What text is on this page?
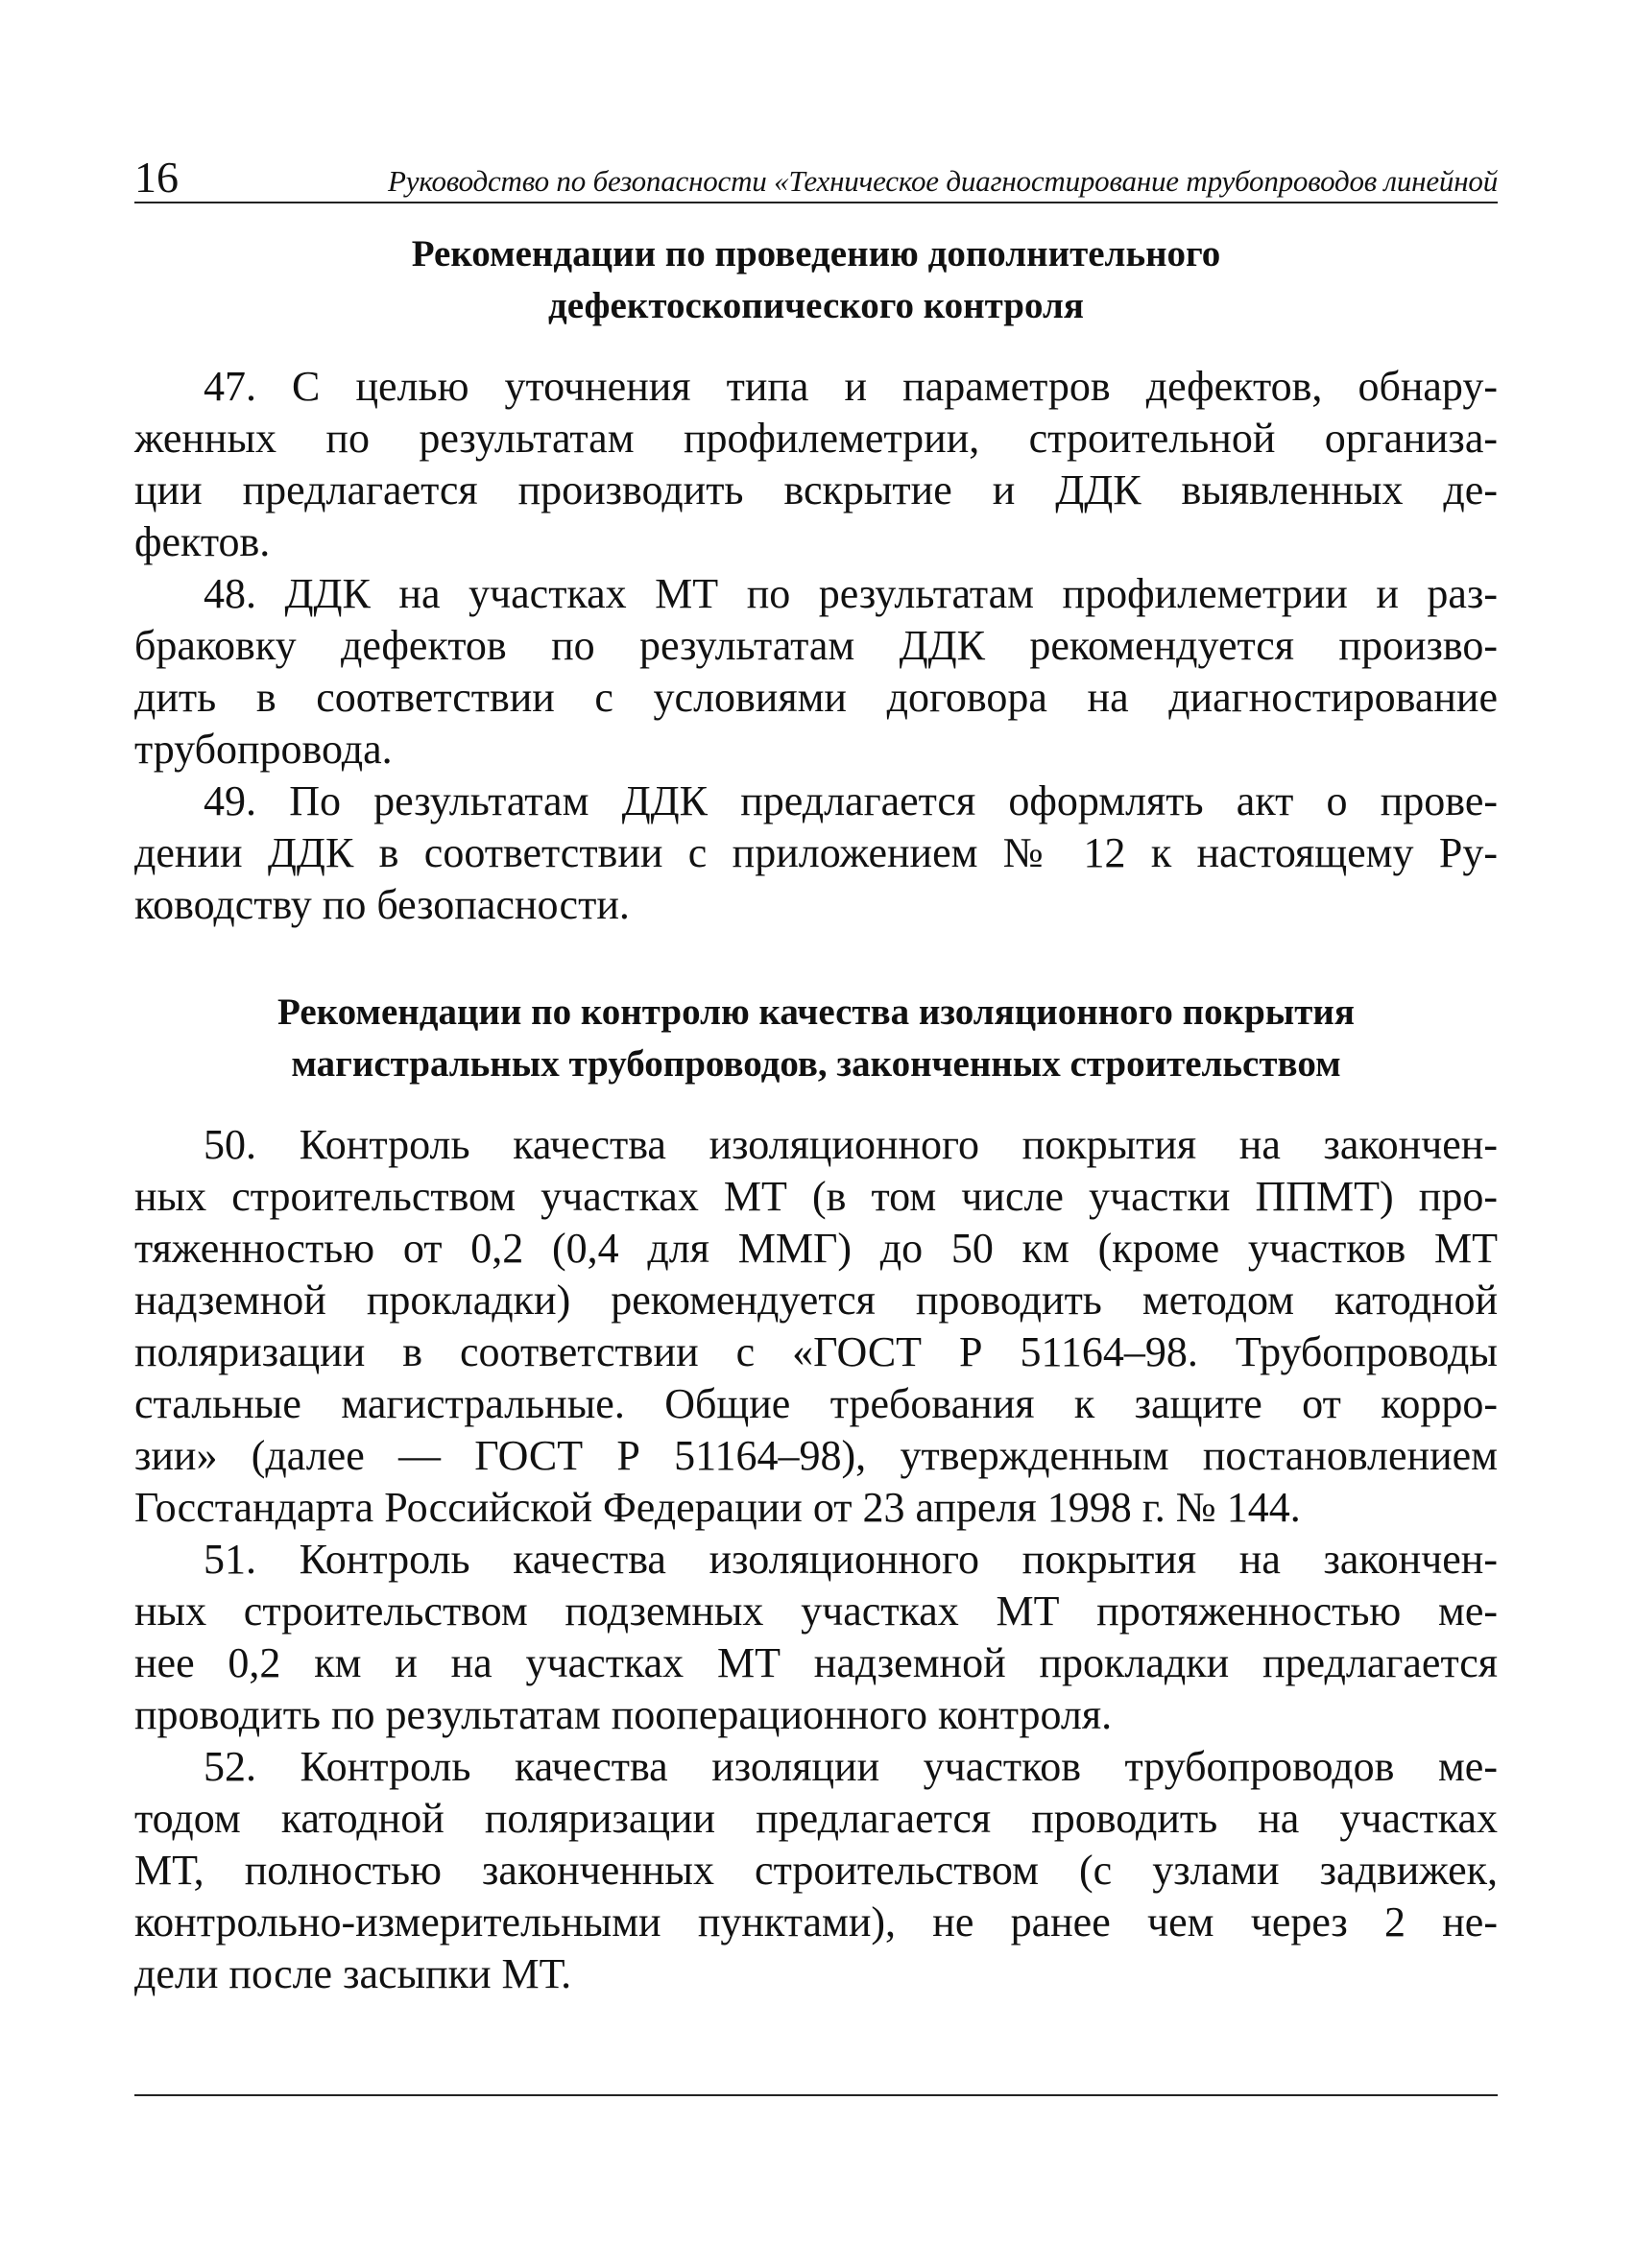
16	Руководство по безопасности «Техническое диагностирование трубопроводов линейной
Рекомендации по проведению дополнительного
дефектоскопического контроля
47. С целью уточнения типа и параметров дефектов, обнару-
женных по результатам профилеметрии, строительной организа-
ции предлагается производить вскрытие и ДДК выявленных де-
фектов.
48. ДДК на участках МТ по результатам профилеметрии и раз-
браковку дефектов по результатам ДДК рекомендуется произво-
дить в соответствии с условиями договора на диагностирование
трубопровода.
49. По результатам ДДК предлагается оформлять акт о прове-
дении ДДК в соответствии с приложением № 12 к настоящему Ру-
ководству по безопасности.
Рекомендации по контролю качества изоляционного покрытия
магистральных трубопроводов, законченных строительством
50. Контроль качества изоляционного покрытия на закончен-
ных строительством участках МТ (в том числе участки ППМТ) про-
тяженностью от 0,2 (0,4 для ММГ) до 50 км (кроме участков МТ
надземной прокладки) рекомендуется проводить методом катодной
поляризации в соответствии с «ГОСТ Р 51164–98. Трубопроводы
стальные магистральные. Общие требования к защите от корро-
зии» (далее — ГОСТ Р 51164–98), утвержденным постановлением
Госстандарта Российской Федерации от 23 апреля 1998 г. № 144.
51. Контроль качества изоляционного покрытия на закончен-
ных строительством подземных участках МТ протяженностью ме-
нее 0,2 км и на участках МТ надземной прокладки предлагается
проводить по результатам пооперационного контроля.
52. Контроль качества изоляции участков трубопроводов ме-
тодом катодной поляризации предлагается проводить на участках
МТ, полностью законченных строительством (с узлами задвижек,
контрольно-измерительными пунктами), не ранее чем через 2 не-
дели после засыпки МТ.
